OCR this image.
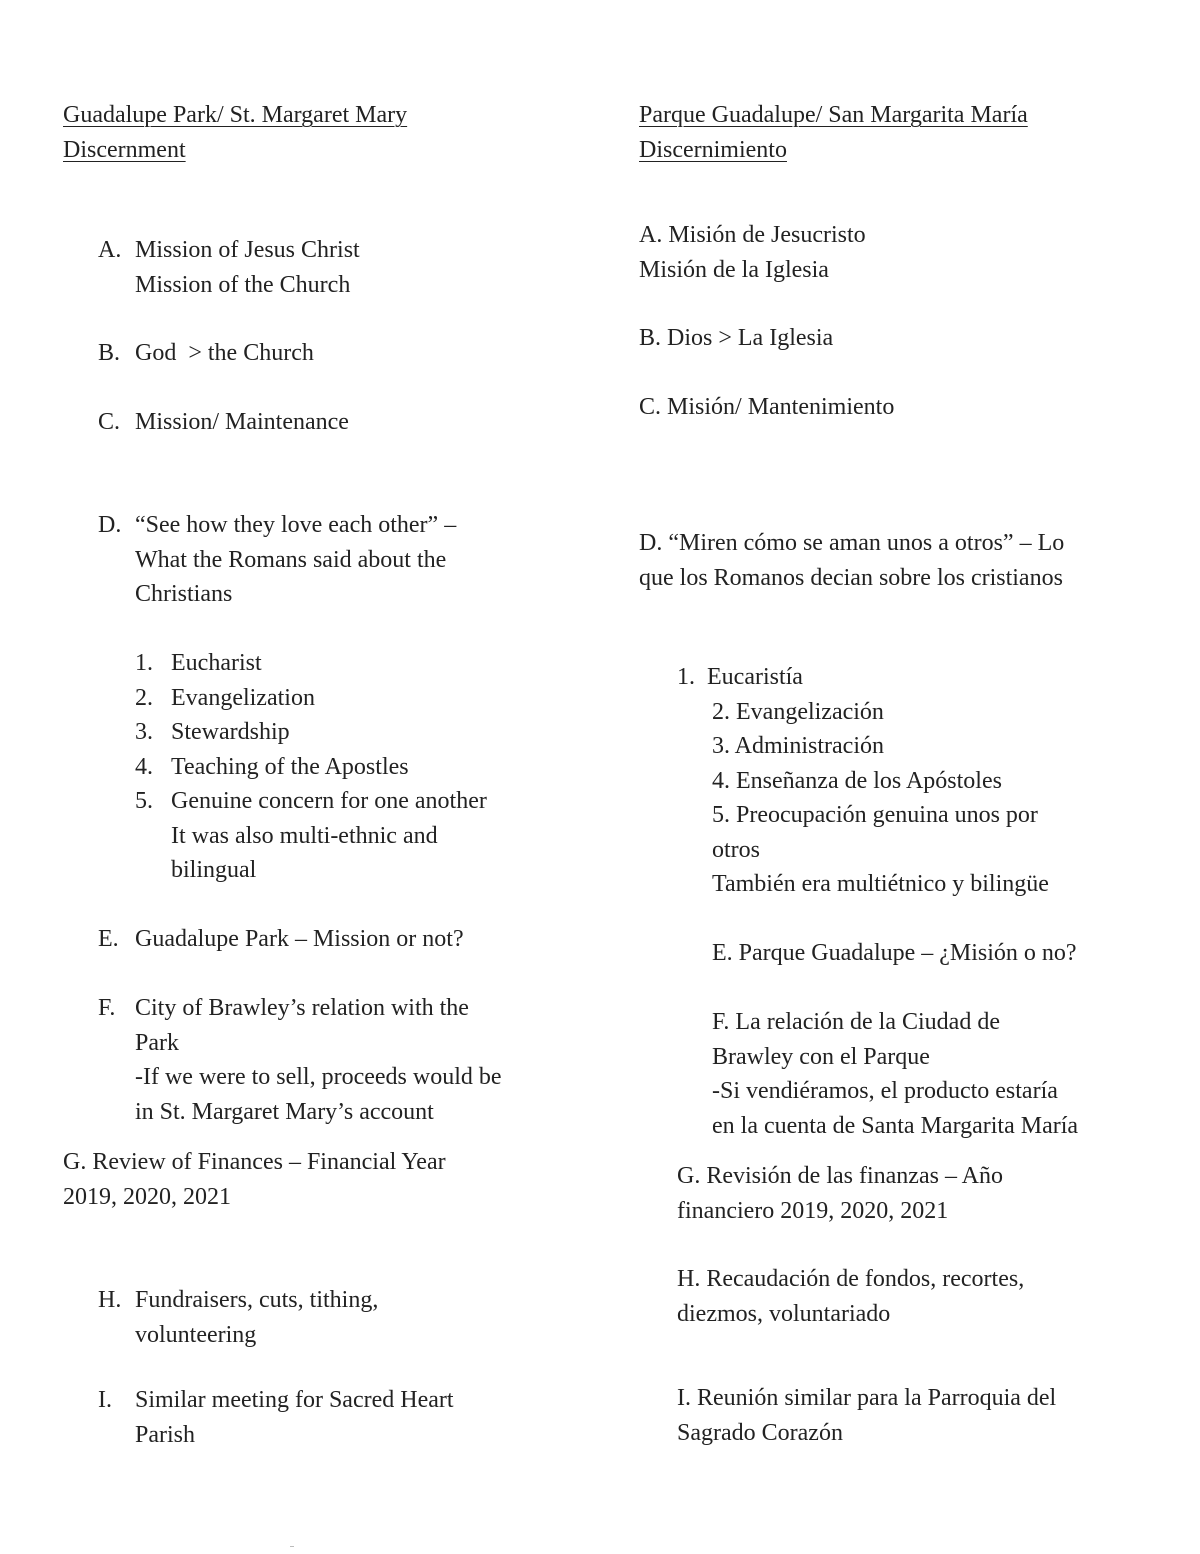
Guadalupe Park/ St. Margaret Mary
Discernment
A. Mission of Jesus Christ
Mission of the Church
B. God  > the Church
C. Mission/ Maintenance
D. “See how they love each other” –
What the Romans said about the
Christians
1. Eucharist
2. Evangelization
3. Stewardship
4. Teaching of the Apostles
5. Genuine concern for one another
It was also multi-ethnic and
bilingual
E. Guadalupe Park – Mission or not?
F. City of Brawley’s relation with the
Park
-If we were to sell, proceeds would be
in St. Margaret Mary’s account
G. Review of Finances – Financial Year
2019, 2020, 2021
H. Fundraisers, cuts, tithing,
volunteering
I. Similar meeting for Sacred Heart
Parish
Parque Guadalupe/ San Margarita María
Discernimiento
A. Misión de Jesucristo
Misión de la Iglesia
B. Dios > La Iglesia
C. Misión/ Mantenimiento
D. “Miren cómo se aman unos a otros” – Lo
que los Romanos decian sobre los cristianos
1.  Eucaristía
2. Evangelización
3. Administración
4. Enseñanza de los Apóstoles
5. Preocupación genuina unos por
otros
También era multiétnico y bilingüe
E. Parque Guadalupe – ¿Misión o no?
F. La relación de la Ciudad de
Brawley con el Parque
-Si vendiéramos, el producto estaría
en la cuenta de Santa Margarita María
G. Revisión de las finanzas – Año
financiero 2019, 2020, 2021
H. Recaudación de fondos, recortes,
diezmos, voluntariado
I. Reunión similar para la Parroquia del
Sagrado Corazón
